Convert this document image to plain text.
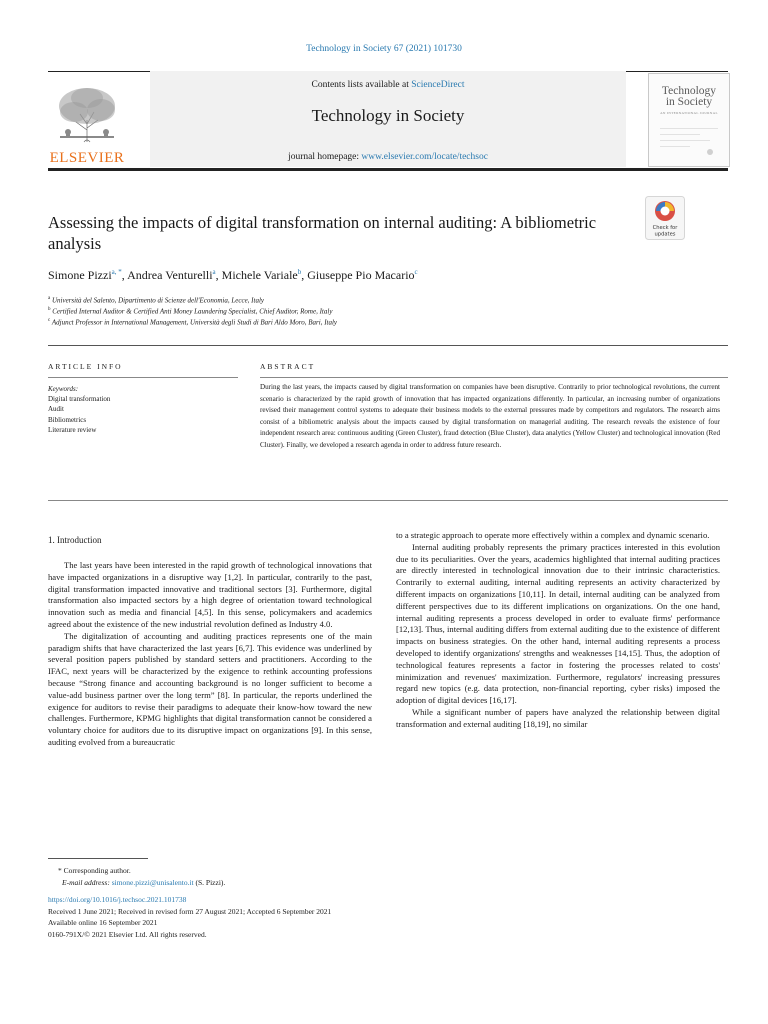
Technology in Society 67 (2021) 101730
ELSEVIER
Contents lists available at ScienceDirect
Technology in Society
journal homepage: www.elsevier.com/locate/techsoc
Technology
in Society
AN INTERNATIONAL JOURNAL
Check for
updates
Assessing the impacts of digital transformation on internal auditing: A bibliometric analysis
Simone Pizzi$^{a, *}$, Andrea Venturelli$^a$, Michele Variale$^b$, Giuseppe Pio Macario$^c$
$^a$ Università del Salento, Dipartimento di Scienze dell'Economia, Lecce, Italy
$^b$ Certified Internal Auditor & Certified Anti Money Laundering Specialist, Chief Auditor, Rome, Italy
$^c$ Adjunct Professor in International Management, Università degli Studi di Bari Aldo Moro, Bari, Italy
ARTICLE INFO	ABSTRACT
Keywords:
Digital transformation
Audit
Bibliometrics
Literature review
During the last years, the impacts caused by digital transformation on companies have been disruptive. Contrarily to prior technological revolutions, the current scenario is characterized by the rapid growth of innovation that has impacted organizations differently. In particular, an increasing number of organizations revised their management control systems to adequate their business models to the external pressures made by competitors and regulators. The research aims consist of a bibliometric analysis about the impacts caused by digital transformation on managerial auditing. The research reveals the existence of four independent research area: continuous auditing (Green Cluster), fraud detection (Blue Cluster), data analytics (Yellow Cluster) and technological innovation (Red Cluster). Finally, we developed a research agenda in order to address future research.
1. Introduction

The last years have been interested in the rapid growth of technological innovations that have impacted organizations in a disruptive way [1,2]. In particular, contrarily to the past, digital transformation impacted innovative and traditional sectors [3]. Furthermore, digital transformation also impacted sectors by a high degree of orientation toward technological innovation such as media and financial [4,5]. In this sense, policymakers and academics agreed about the existence of the new industrial revolution defined as Industry 4.0.

The digitalization of accounting and auditing practices represents one of the main paradigm shifts that have characterized the last years [6,7]. This evidence was underlined by several position papers published by standard setters and practitioners. According to the IFAC, next years will be characterized by the exigence to rethink accounting professions because “Strong finance and accounting background is no longer sufficient to become a value-add business partner over the long term” [8]. In particular, the reports underlined the exigence for auditors to revise their paradigms to adequate their know-how toward the new challenges. Furthermore, KPMG highlights that digital transformation cannot be considered a voluntary choice for auditors due to its disruptive impact on organizations [9]. In this sense, auditing evolved from a bureaucratic

to a strategic approach to operate more effectively within a complex and dynamic scenario.

Internal auditing probably represents the primary practices interested in this evolution due to its peculiarities. Over the years, academics highlighted that internal auditing practices are directly interested in technological innovation due to their intrinsic characteristics. Contrarily to external auditing, internal auditing represents an activity characterized by different impacts on organizations [10,11]. In detail, internal auditing can be analyzed from different perspectives due to its different implications on organizations. On the one hand, internal auditing represents a process developed in order to evaluate firms' performance [12,13]. Thus, internal auditing differs from external auditing due to the existence of different impacts on business strategies. On the other hand, internal auditing represents a process developed to identify organizations' strengths and weaknesses [14,15]. Thus, the adoption of technological features represents a factor in fostering the processes related to costs' minimization and revenues' maximization. Furthermore, regulators' increasing pressures regard new topics (e.g. data protection, non-financial reporting, cyber risks) imposed the adoption of digital devices [16,17].

While a significant number of papers have analyzed the relationship between digital transformation and external auditing [18,19], no similar

* Corresponding author.

E-mail address: simone.pizzi@unisalento.it (S. Pizzi).

https://doi.org/10.1016/j.techsoc.2021.101738

Received 1 June 2021; Received in revised form 27 August 2021; Accepted 6 September 2021

Available online 16 September 2021

0160-791X/© 2021 Elsevier Ltd. All rights reserved.
